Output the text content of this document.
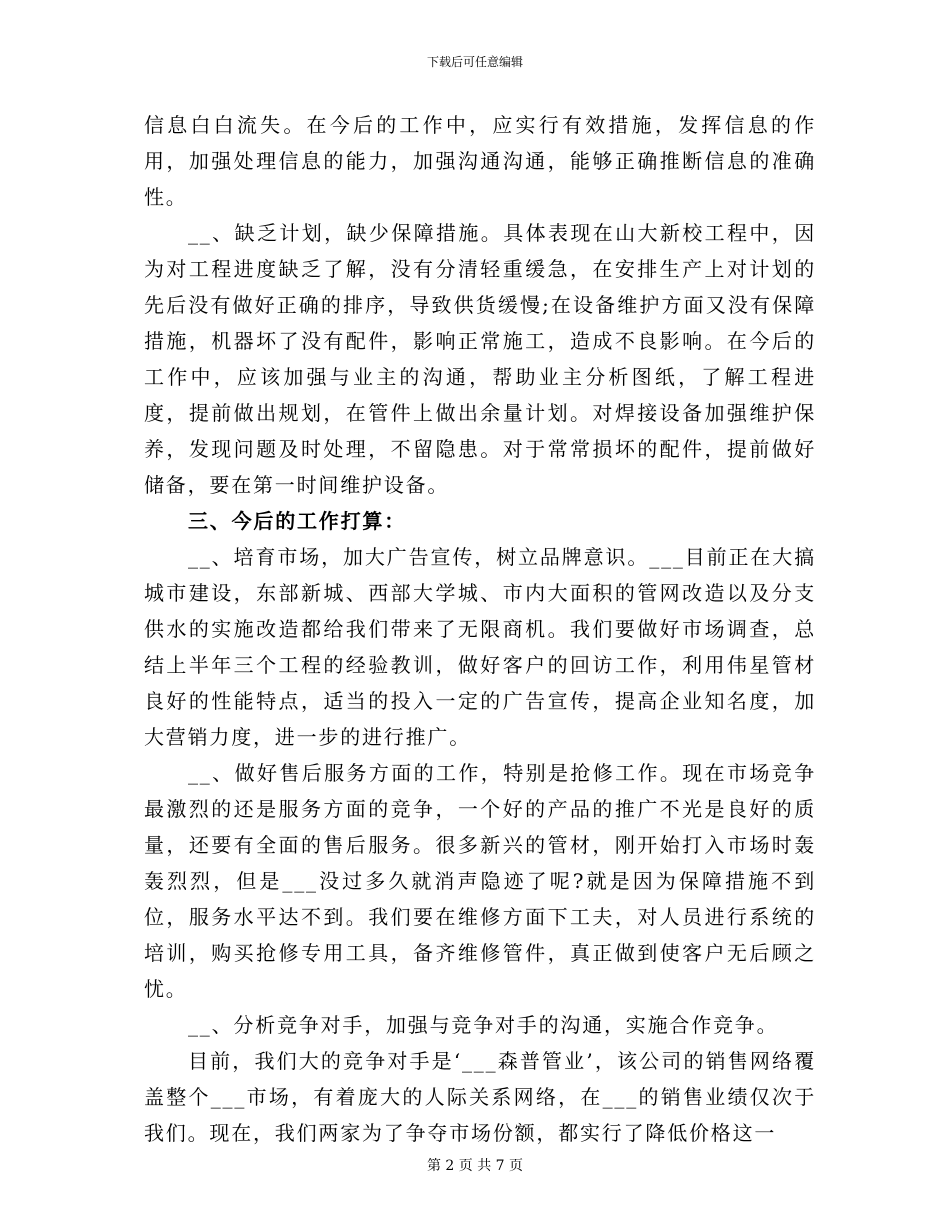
下载后可任意编辑

信息白白流失。在今后的工作中，应实行有效措施，发挥信息的作用，加强处理信息的能力，加强沟通沟通，能够正确推断信息的准确性。

__、缺乏计划，缺少保障措施。具体表现在山大新校工程中，因为对工程进度缺乏了解，没有分清轻重缓急，在安排生产上对计划的先后没有做好正确的排序，导致供货缓慢;在设备维护方面又没有保障措施，机器坏了没有配件，影响正常施工，造成不良影响。在今后的工作中，应该加强与业主的沟通，帮助业主分析图纸，了解工程进度，提前做出规划，在管件上做出余量计划。对焊接设备加强维护保养，发现问题及时处理，不留隐患。对于常常损坏的配件，提前做好储备，要在第一时间维护设备。

三、今后的工作打算：

__、培育市场，加大广告宣传，树立品牌意识。___目前正在大搞城市建设，东部新城、西部大学城、市内大面积的管网改造以及分支供水的实施改造都给我们带来了无限商机。我们要做好市场调查，总结上半年三个工程的经验教训，做好客户的回访工作，利用伟星管材良好的性能特点，适当的投入一定的广告宣传，提高企业知名度，加大营销力度，进一步的进行推广。

__、做好售后服务方面的工作，特别是抢修工作。现在市场竞争最激烈的还是服务方面的竞争，一个好的产品的推广不光是良好的质量，还要有全面的售后服务。很多新兴的管材，刚开始打入市场时轰轰烈烈，但是___没过多久就消声隐迹了呢?就是因为保障措施不到位，服务水平达不到。我们要在维修方面下工夫，对人员进行系统的培训，购买抢修专用工具，备齐维修管件，真正做到使客户无后顾之忧。

__、分析竞争对手，加强与竞争对手的沟通，实施合作竞争。

目前，我们大的竞争对手是‘___森普管业’，该公司的销售网络覆盖整个___市场，有着庞大的人际关系网络，在___的销售业绩仅次于我们。现在，我们两家为了争夺市场份额，都实行了降低价格这一

第 2 页 共 7 页
